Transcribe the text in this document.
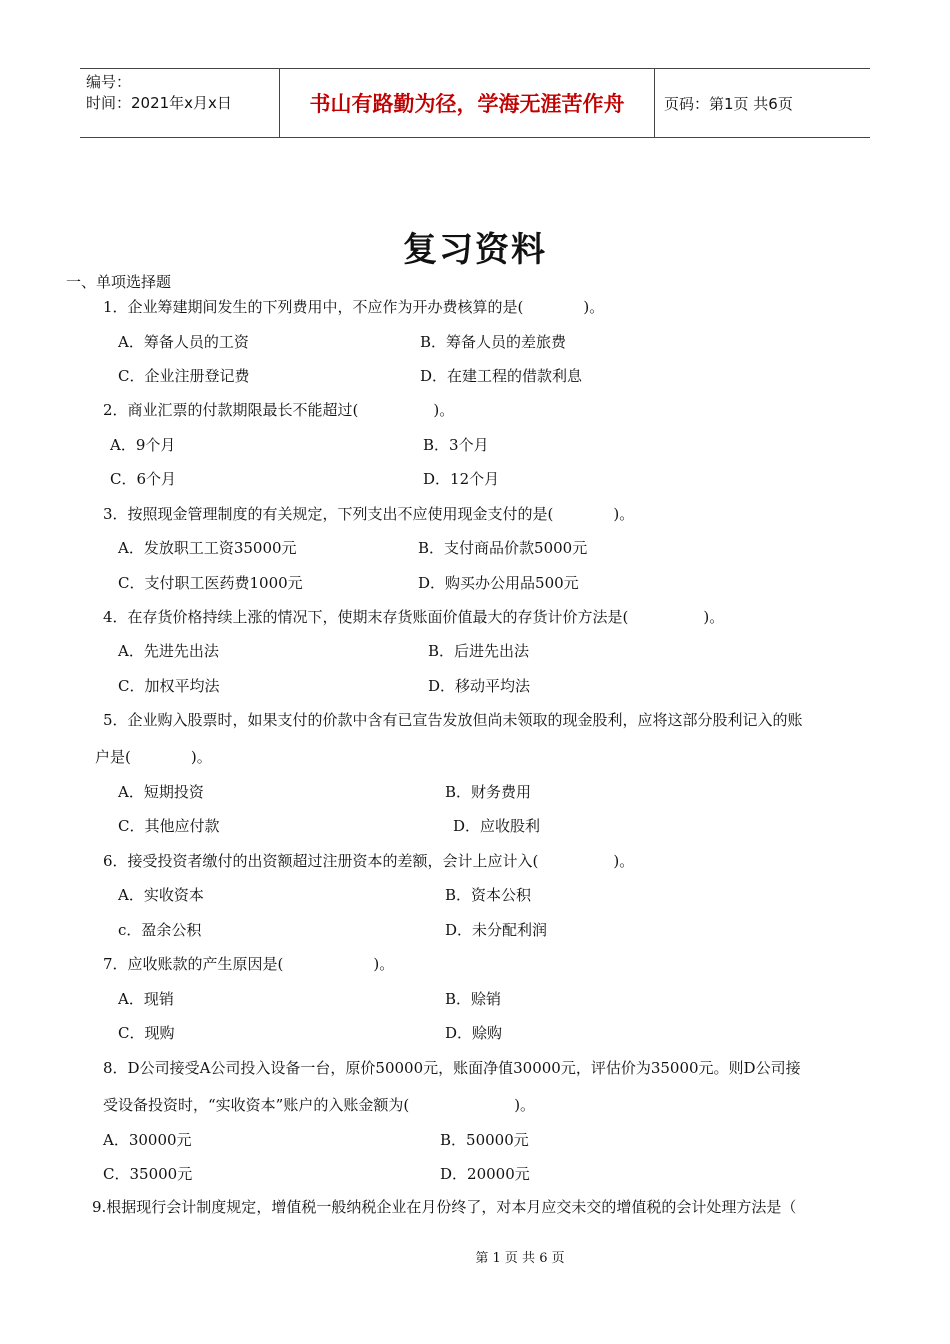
编号：
时间：2021年x月x日	书山有路勤为径，学海无涯苦作舟	页码：第1页 共6页
复习资料
一、单项选择题
1．企业筹建期间发生的下列费用中，不应作为开办费核算的是(　　　　)。
A．筹备人员的工资	B．筹备人员的差旅费
C．企业注册登记费	D．在建工程的借款利息
2．商业汇票的付款期限最长不能超过(　　　　　)。
A．9个月	B．3个月
C．6个月	D．12个月
3．按照现金管理制度的有关规定，下列支出不应使用现金支付的是(　　　　)。
A．发放职工工资35000元	B．支付商品价款5000元
C．支付职工医药费1000元	D．购买办公用品500元
4．在存货价格持续上涨的情况下，使期末存货账面价值最大的存货计价方法是(　　　　　)。
A．先进先出法	B．后进先出法
C．加权平均法	D．移动平均法
5．企业购入股票时，如果支付的价款中含有已宣告发放但尚未领取的现金股利，应将这部分股利记入的账
户是(　　　　)。
A．短期投资	B．财务费用
C．其他应付款	D．应收股利
6．接受投资者缴付的出资额超过注册资本的差额，会计上应计入(　　　　　)。
A．实收资本	B．资本公积
c．盈余公积	D．未分配利润
7．应收账款的产生原因是(　　　　　　)。
A．现销	B．赊销
C．现购	D．赊购
8．D公司接受A公司投入设备一台，原价50000元，账面净值30000元，评估价为35000元。则D公司接
受设备投资时，“实收资本”账户的入账金额为(　　　　　　　)。
A．30000元	B．50000元
C．35000元	D．20000元
9.根据现行会计制度规定，增值税一般纳税企业在月份终了，对本月应交未交的增值税的会计处理方法是（
第 1 页 共 6 页
